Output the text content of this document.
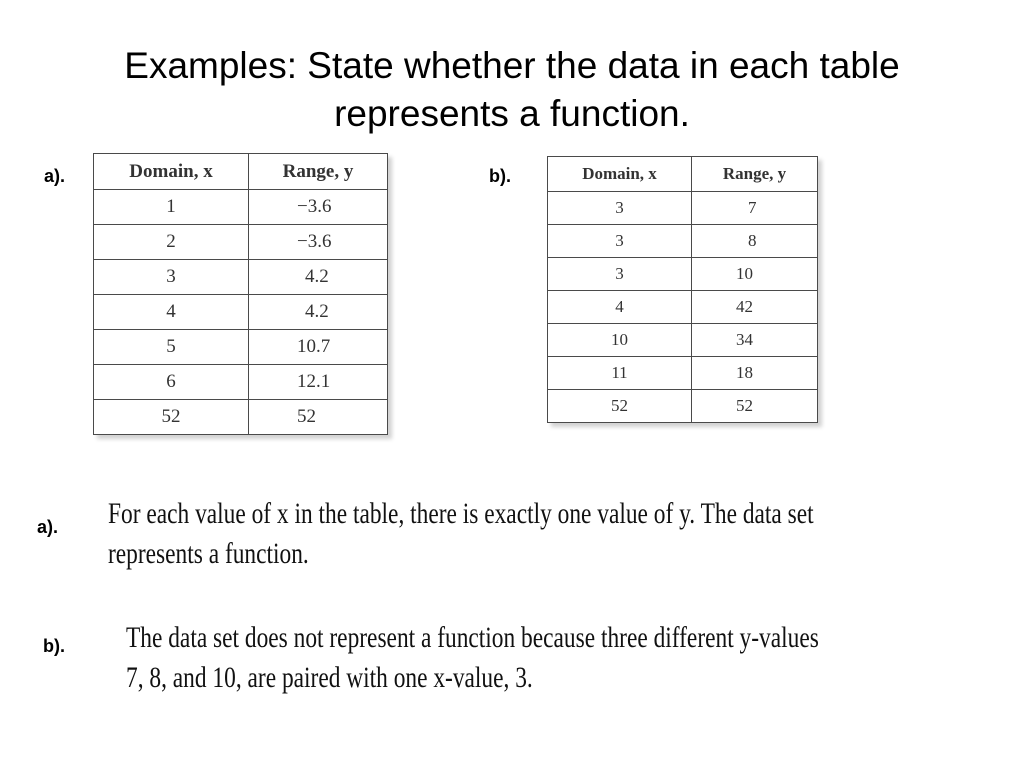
Examples: State whether the data in each table
represents a function.
a).	Domain, x	Range, y
1	−3.6
2	−3.6
3	4.2
4	4.2
5	10.7
6	12.1
52	52
b).	Domain, x	Range, y
3	7
3	8
3	10
4	42
10	34
11	18
52	52
a). For each value of x in the table, there is exactly one value of y. The data set
represents a function.
b). The data set does not represent a function because three different y-values
7, 8, and 10, are paired with one x-value, 3.
